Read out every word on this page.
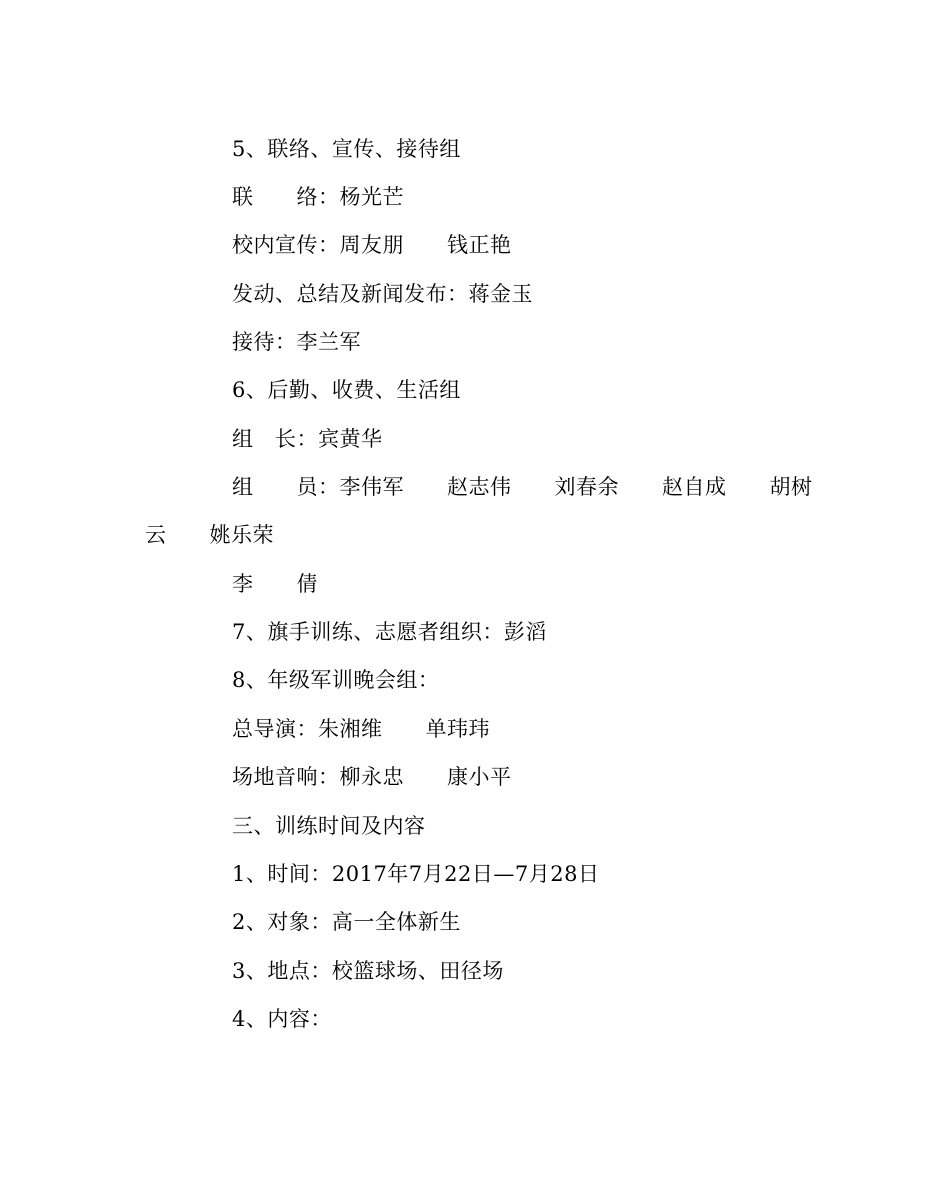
5、联络、宣传、接待组
联　　络：杨光芒
校内宣传：周友朋　　钱正艳
发动、总结及新闻发布：蒋金玉
接待：李兰军
6、后勤、收费、生活组
组　长：宾黄华
组　　员：李伟军　　赵志伟　　刘春余　　赵自成　　胡树
云　　姚乐荣
李　　倩
7、旗手训练、志愿者组织：彭滔
8、年级军训晚会组：
总导演：朱湘维　　单玮玮
场地音响：柳永忠　　康小平
三、训练时间及内容
1、时间：2017年7月22日—7月28日
2、对象：高一全体新生
3、地点：校篮球场、田径场
4、内容：
